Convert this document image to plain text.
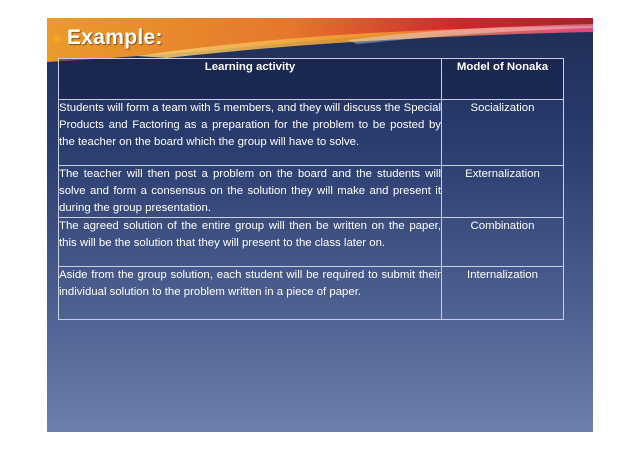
Example:
Learning activity	Model of Nonaka
Students will form a team with 5 members, and they will discuss the Special Products and Factoring as a preparation for the problem to be posted by the teacher on the board which the group will have to solve.	Socialization
The teacher will then post a problem on the board and the students will solve and form a consensus on the solution they will make and present it during the group presentation.	Externalization
The agreed solution of the entire group will then be written on the paper, this will be the solution that they will present to the class later on.	Combination
Aside from the group solution, each student will be required to submit their individual solution to the problem written in a piece of paper.	Internalization
